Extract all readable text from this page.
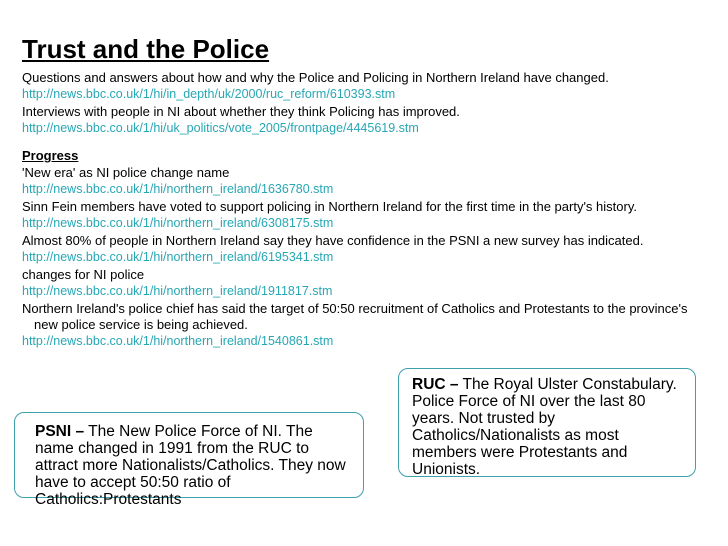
Trust and the Police

Questions and answers about how and why the Police and Policing in Northern Ireland have changed.

http://news.bbc.co.uk/1/hi/in_depth/uk/2000/ruc_reform/610393.stm

Interviews with people in NI about whether they think Policing has improved.

http://news.bbc.co.uk/1/hi/uk_politics/vote_2005/frontpage/4445619.stm

Progress

'New era' as NI police change name

http://news.bbc.co.uk/1/hi/northern_ireland/1636780.stm

Sinn Fein members have voted to support policing in Northern Ireland for the first time in the party's history.

http://news.bbc.co.uk/1/hi/northern_ireland/6308175.stm

Almost 80% of people in Northern Ireland say they have confidence in the PSNI a new survey has indicated.

http://news.bbc.co.uk/1/hi/northern_ireland/6195341.stm

changes for NI police

http://news.bbc.co.uk/1/hi/northern_ireland/1911817.stm

Northern Ireland's police chief has said the target of 50:50 recruitment of Catholics and Protestants to the province's new police service is being achieved.

http://news.bbc.co.uk/1/hi/northern_ireland/1540861.stm

PSNI – The New Police Force of NI. The name changed in 1991 from the RUC to attract more Nationalists/Catholics. They now have to accept 50:50 ratio of Catholics:Protestants
RUC – The Royal Ulster Constabulary. Police Force of NI over the last 80 years. Not trusted by Catholics/Nationalists as most members were Protestants and Unionists.
